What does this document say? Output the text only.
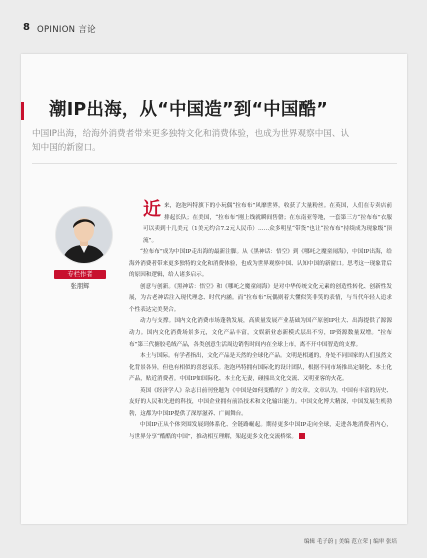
8 OPINION 言论
潮IP出海，从“中国造”到“中国酷”
中国IP出海，给海外消费者带来更多独特文化和消费体验，也成为世界观察中国、认知中国的新窗口。
专栏作者
张朋辉

近来，泡泡玛特旗下的小玩偶“拉布布”风靡世界，收获了大量粉丝。在英国，人们在专卖店前排起长队；在美国，“拉布布”刚上线就瞬间售罄；在东南亚等地，一套第三方“拉布布”衣服可以卖到十几美元（1美元约合7.2元人民币）……众多明星“带货”也让“拉布布”持续成为现象级“顶流”。

“拉布布”成为中国IP走出海的最新注脚。从《黑神话：悟空》到《哪吒之魔童闹海》，中国IP出海，给海外消费者带来更多独特的文化和消费体验，也成为世界观察中国、认知中国的新窗口。思考这一现象背后的原因和逻辑，给人诸多启示。

创意与创新。《黑神话：悟空》和《哪吒之魔童闹海》是对中华传统文化元素的创造性转化、创新性发展，为古老神话注入现代理念、时代内涵。而“拉布布”玩偶则着大懂似笑非笑的表情，与当代年轻人追求个性表达完美契合。

动力与支撑。国内文化消费市场蓬勃发展，高质量发展产业基础为国产原创IP壮大、出海提供了源源动力。国内文化消费场景多元，文化产品丰富，文娱新业态新模式层出不穷，IP资源数量双增。“拉布布”第三代搪胶毛绒产品，各类创意生活周边销售时间内在全球上市，离不开中国智造的支撑。

本土与国际。有学者指出，文化产品是天然的全球化产品。文明是相通的，身处不同国家的人们虽然文化背景各异，但也有相似的喜怒哀乐。泡泡玛特拥有国际化的设计团队，根据不同市场推出定制化、本土化产品，贴近消费者。中国IP如国际化、本土化无妻，碰撞出文化交流、又明亚客的火花。

英国《经济学人》杂志日前刊登题为《中国是如何变酷的？》的文章。文章认为，中国有丰富的历史、友好的人民和先进的科技，中国企业拥有前沿技术和文化输出能力。中国文化博大精深，中国发展生机勃勃，这都为中国IP提供了深厚滋养、广阔舞台。

中国IP正从个体突围发展到体系化、全链路崛起。期待更多中国IP走向全球，走进各地消费者内心，与世界分享“酷酷的中国”，推动相互理解，架起更多文化交流桥梁。

编辑 毛子蔚 | 美编 范立荣 | 编审 张培
